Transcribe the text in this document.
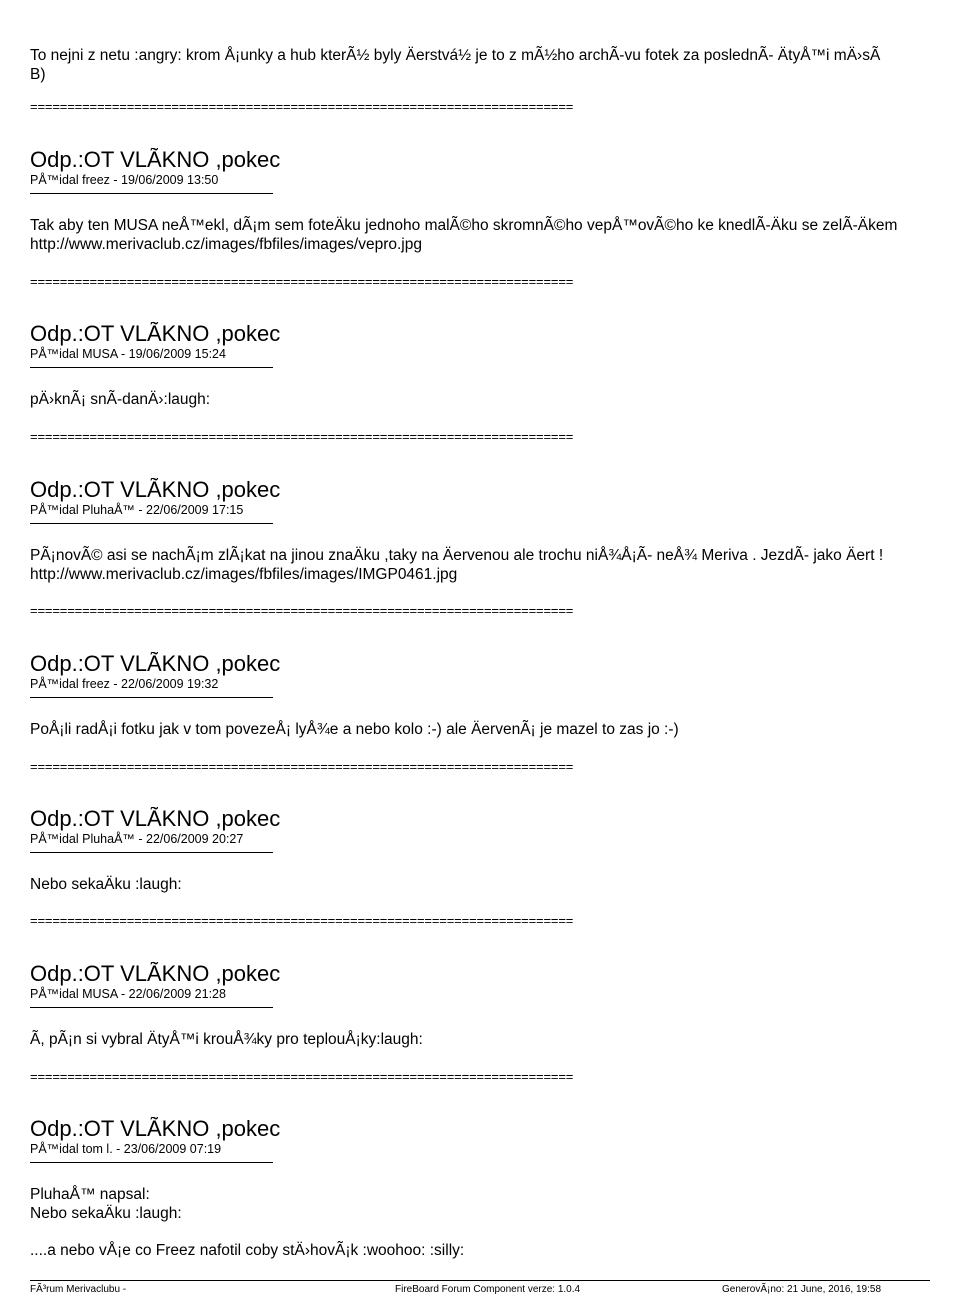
To nejni z netu :angry: krom Å¡unky a hub kterÃ½ byly Äerstvá½ je to z mÃ½ho archÃ-vu fotek za poslednÃ- ÄtyÅ™i mÄ›sÃ
B)
=========================================================================
Odp.:OT VLÃKNO ,pokec
PÅ™idal freez - 19/06/2009 13:50
Tak aby ten MUSA neÅ™ekl, dÃ¡m sem foteÄku jednoho malÃ©ho skromnÃ©ho vepÅ™ovÃ©ho ke knedlÃ-Äku se zelÃ-Äkem
http://www.merivaclub.cz/images/fbfiles/images/vepro.jpg
=========================================================================
Odp.:OT VLÃKNO ,pokec
PÅ™idal MUSA - 19/06/2009 15:24
pÄ›knÃ¡ snÃ-danÄ›:laugh:
=========================================================================
Odp.:OT VLÃKNO ,pokec
PÅ™idal PluhaÅ™ - 22/06/2009 17:15
PÃ¡novÃ© asi se nachÃ¡m zlÃ¡kat na jinou znaÄku ,taky na Äervenou ale trochu niÅ¾Å¡Ã- neÅ¾ Meriva . JezdÃ- jako Äert !
http://www.merivaclub.cz/images/fbfiles/images/IMGP0461.jpg
=========================================================================
Odp.:OT VLÃKNO ,pokec
PÅ™idal freez - 22/06/2009 19:32
PoÅ¡li radÅ¡i fotku jak v tom povezeÅ¡ lyÅ¾e a nebo kolo :-) ale ÄervenÃ¡ je mazel to zas jo :-)
=========================================================================
Odp.:OT VLÃKNO ,pokec
PÅ™idal PluhaÅ™ - 22/06/2009 20:27
Nebo sekaÄku :laugh:
=========================================================================
Odp.:OT VLÃKNO ,pokec
PÅ™idal MUSA - 22/06/2009 21:28
Ã, pÃ¡n si vybral ÄtyÅ™i krouÅ¾ky pro teplouÅ¡ky:laugh:
=========================================================================
Odp.:OT VLÃKNO ,pokec
PÅ™idal tom l. - 23/06/2009 07:19
PluhaÅ™ napsal:
Nebo sekaÄku :laugh:
....a nebo vÅ¡e co Freez nafotil coby stÄ›hovÃ¡k :woohoo: :silly:
FÃ³rum Merivaclubu -	FireBoard Forum Component verze: 1.0.4	GenerovÃ¡no: 21 June, 2016, 19:58
